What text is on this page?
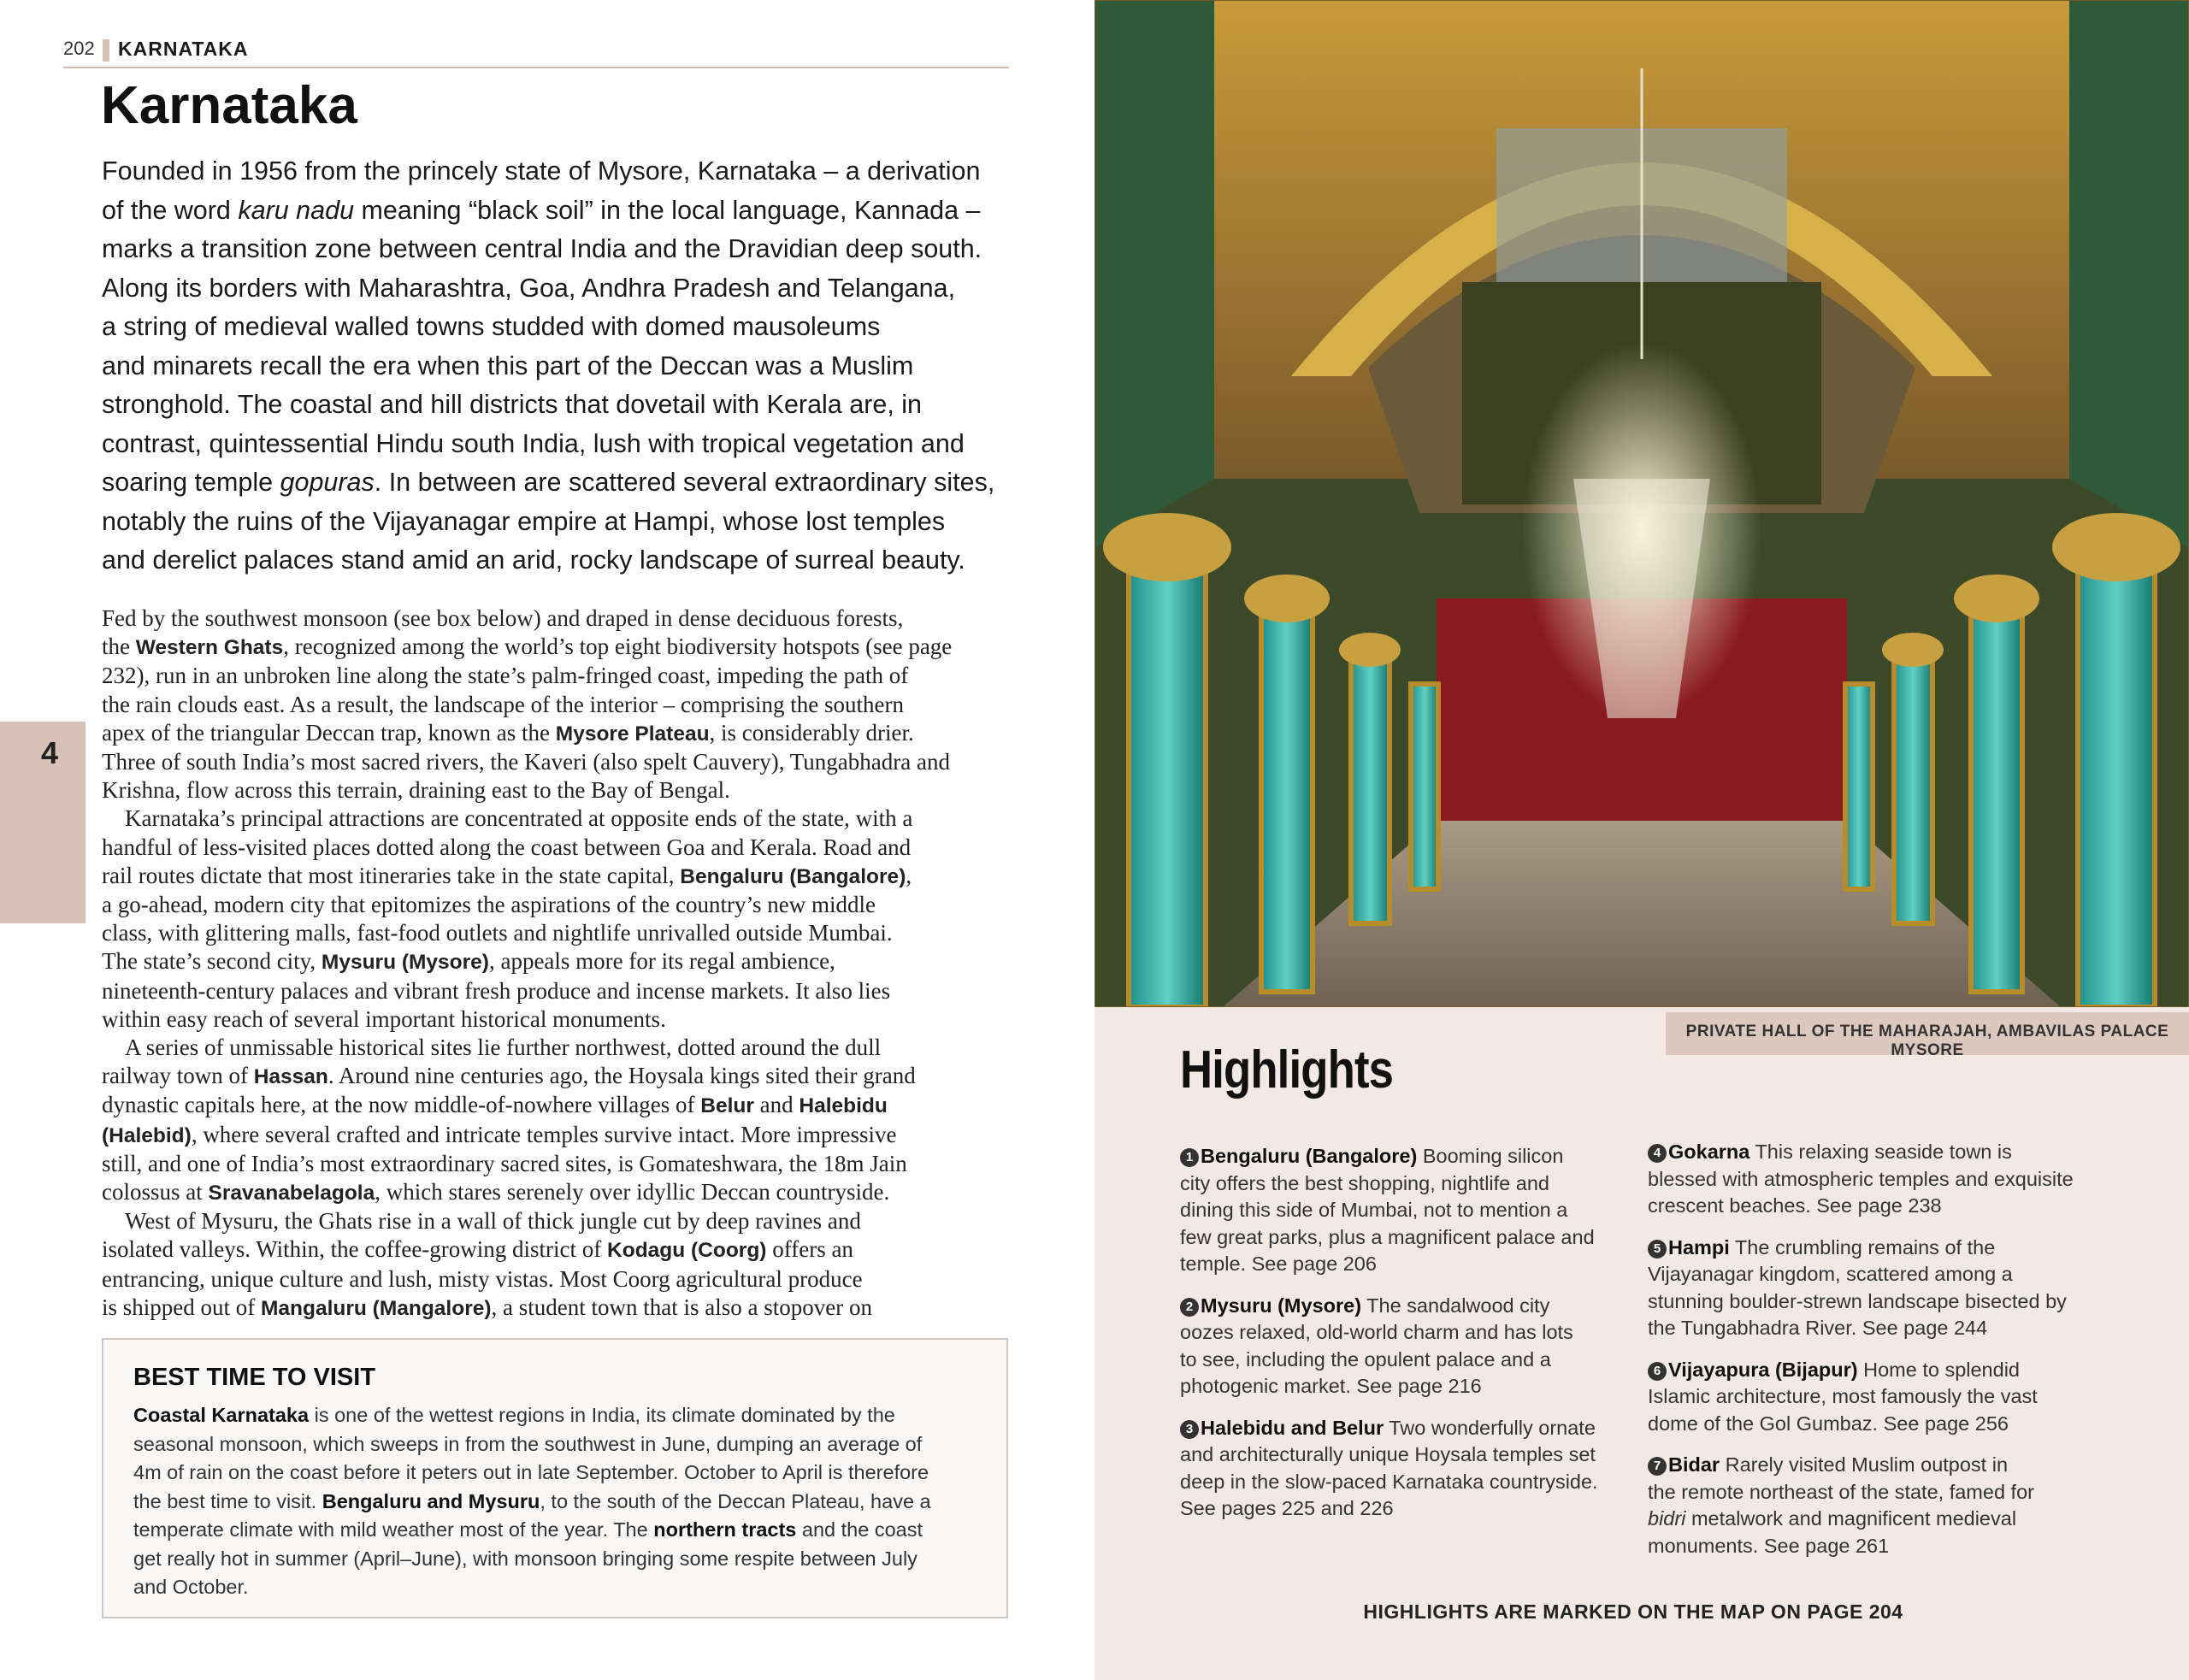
202 KARNATAKA
Karnataka

Founded in 1956 from the princely state of Mysore, Karnataka – a derivation
of the word karu nadu meaning “black soil” in the local language, Kannada –
marks a transition zone between central India and the Dravidian deep south.
Along its borders with Maharashtra, Goa, Andhra Pradesh and Telangana,
a string of medieval walled towns studded with domed mausoleums
and minarets recall the era when this part of the Deccan was a Muslim
stronghold. The coastal and hill districts that dovetail with Kerala are, in
contrast, quintessential Hindu south India, lush with tropical vegetation and
soaring temple gopuras. In between are scattered several extraordinary sites,
notably the ruins of the Vijayanagar empire at Hampi, whose lost temples
and derelict palaces stand amid an arid, rocky landscape of surreal beauty.

Fed by the southwest monsoon (see box below) and draped in dense deciduous forests,
the Western Ghats, recognized among the world’s top eight biodiversity hotspots (see page
232), run in an unbroken line along the state’s palm-fringed coast, impeding the path of
the rain clouds east. As a result, the landscape of the interior – comprising the southern
apex of the triangular Deccan trap, known as the Mysore Plateau, is considerably drier.
Three of south India’s most sacred rivers, the Kaveri (also spelt Cauvery), Tungabhadra and
Krishna, flow across this terrain, draining east to the Bay of Bengal.
 Karnataka’s principal attractions are concentrated at opposite ends of the state, with a
handful of less-visited places dotted along the coast between Goa and Kerala. Road and
rail routes dictate that most itineraries take in the state capital, Bengaluru (Bangalore),
a go-ahead, modern city that epitomizes the aspirations of the country’s new middle
class, with glittering malls, fast-food outlets and nightlife unrivalled outside Mumbai.
The state’s second city, Mysuru (Mysore), appeals more for its regal ambience,
nineteenth-century palaces and vibrant fresh produce and incense markets. It also lies
within easy reach of several important historical monuments.
 A series of unmissable historical sites lie further northwest, dotted around the dull
railway town of Hassan. Around nine centuries ago, the Hoysala kings sited their grand
dynastic capitals here, at the now middle-of-nowhere villages of Belur and Halebidu
(Halebid), where several crafted and intricate temples survive intact. More impressive
still, and one of India’s most extraordinary sacred sites, is Gomateshwara, the 18m Jain
colossus at Sravanabelagola, which stares serenely over idyllic Deccan countryside.
 West of Mysuru, the Ghats rise in a wall of thick jungle cut by deep ravines and
isolated valleys. Within, the coffee-growing district of Kodagu (Coorg) offers an
entrancing, unique culture and lush, misty vistas. Most Coorg agricultural produce
is shipped out of Mangaluru (Mangalore), a student town that is also a stopover on
4
BEST TIME TO VISIT
Coastal Karnataka is one of the wettest regions in India, its climate dominated by the
seasonal monsoon, which sweeps in from the southwest in June, dumping an average of
4m of rain on the coast before it peters out in late September. October to April is therefore
the best time to visit. Bengaluru and Mysuru, to the south of the Deccan Plateau, have a
temperate climate with mild weather most of the year. The northern tracts and the coast
get really hot in summer (April–June), with monsoon bringing some respite between July
and October.
PRIVATE HALL OF THE MAHARAJAH, AMBAVILAS PALACE MYSORE
Highlights
1 Bengaluru (Bangalore) Booming silicon
city offers the best shopping, nightlife and
dining this side of Mumbai, not to mention a
few great parks, plus a magnificent palace and
temple. See page 206
2 Mysuru (Mysore) The sandalwood city
oozes relaxed, old-world charm and has lots
to see, including the opulent palace and a
photogenic market. See page 216
3 Halebidu and Belur Two wonderfully ornate
and architecturally unique Hoysala temples set
deep in the slow-paced Karnataka countryside.
See pages 225 and 226
4 Gokarna This relaxing seaside town is
blessed with atmospheric temples and exquisite
crescent beaches. See page 238
5 Hampi The crumbling remains of the
Vijayanagar kingdom, scattered among a
stunning boulder-strewn landscape bisected by
the Tungabhadra River. See page 244
6 Vijayapura (Bijapur) Home to splendid
Islamic architecture, most famously the vast
dome of the Gol Gumbaz. See page 256
7 Bidar Rarely visited Muslim outpost in
the remote northeast of the state, famed for
bidri metalwork and magnificent medieval
monuments. See page 261
HIGHLIGHTS ARE MARKED ON THE MAP ON PAGE 204
